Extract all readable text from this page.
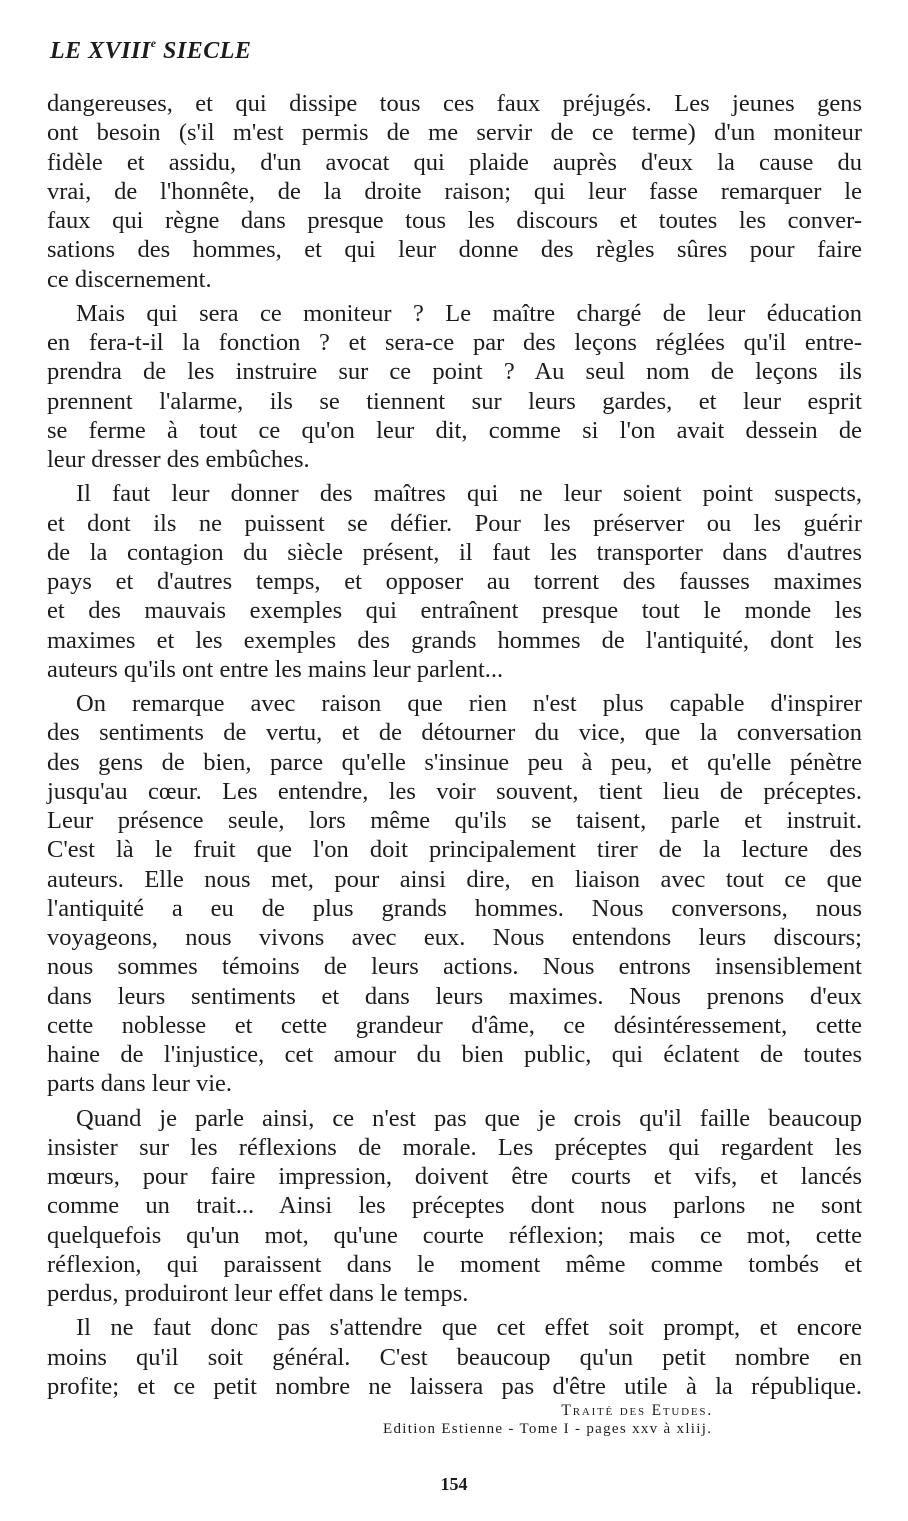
LE XVIIIe SIECLE
dangereuses, et qui dissipe tous ces faux préjugés. Les jeunes gens
ont besoin (s'il m'est permis de me servir de ce terme) d'un moniteur
fidèle et assidu, d'un avocat qui plaide auprès d'eux la cause du
vrai, de l'honnête, de la droite raison; qui leur fasse remarquer le
faux qui règne dans presque tous les discours et toutes les conver-
sations des hommes, et qui leur donne des règles sûres pour faire
ce discernement.
Mais qui sera ce moniteur ? Le maître chargé de leur éducation
en fera-t-il la fonction ? et sera-ce par des leçons réglées qu'il entre-
prendra de les instruire sur ce point ? Au seul nom de leçons ils
prennent l'alarme, ils se tiennent sur leurs gardes, et leur esprit
se ferme à tout ce qu'on leur dit, comme si l'on avait dessein de
leur dresser des embûches.
Il faut leur donner des maîtres qui ne leur soient point suspects,
et dont ils ne puissent se défier. Pour les préserver ou les guérir
de la contagion du siècle présent, il faut les transporter dans d'autres
pays et d'autres temps, et opposer au torrent des fausses maximes
et des mauvais exemples qui entraînent presque tout le monde les
maximes et les exemples des grands hommes de l'antiquité, dont les
auteurs qu'ils ont entre les mains leur parlent...
On remarque avec raison que rien n'est plus capable d'inspirer
des sentiments de vertu, et de détourner du vice, que la conversation
des gens de bien, parce qu'elle s'insinue peu à peu, et qu'elle pénètre
jusqu'au cœur. Les entendre, les voir souvent, tient lieu de préceptes.
Leur présence seule, lors même qu'ils se taisent, parle et instruit.
C'est là le fruit que l'on doit principalement tirer de la lecture des
auteurs. Elle nous met, pour ainsi dire, en liaison avec tout ce que
l'antiquité a eu de plus grands hommes. Nous conversons, nous
voyageons, nous vivons avec eux. Nous entendons leurs discours;
nous sommes témoins de leurs actions. Nous entrons insensiblement
dans leurs sentiments et dans leurs maximes. Nous prenons d'eux
cette noblesse et cette grandeur d'âme, ce désintéressement, cette
haine de l'injustice, cet amour du bien public, qui éclatent de toutes
parts dans leur vie.
Quand je parle ainsi, ce n'est pas que je crois qu'il faille beaucoup
insister sur les réflexions de morale. Les préceptes qui regardent les
mœurs, pour faire impression, doivent être courts et vifs, et lancés
comme un trait... Ainsi les préceptes dont nous parlons ne sont
quelquefois qu'un mot, qu'une courte réflexion; mais ce mot, cette
réflexion, qui paraissent dans le moment même comme tombés et
perdus, produiront leur effet dans le temps.
Il ne faut donc pas s'attendre que cet effet soit prompt, et encore
moins qu'il soit général. C'est beaucoup qu'un petit nombre en
profite; et ce petit nombre ne laissera pas d'être utile à la république.
Traité des Etudes.
Edition Estienne - Tome I - pages xxv à xliij.
154
